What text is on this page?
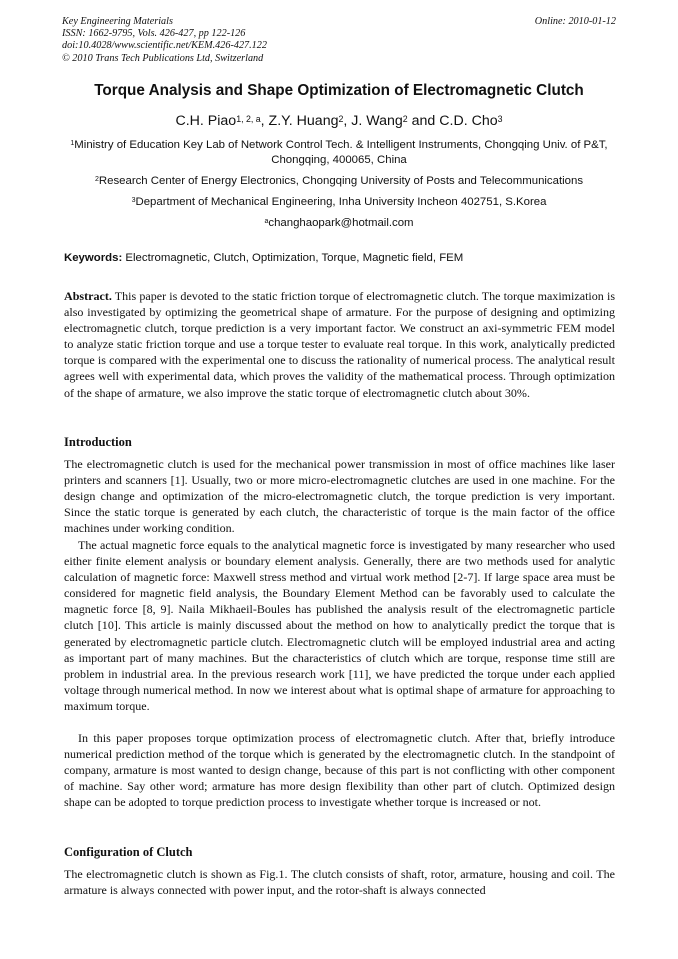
Key Engineering Materials
ISSN: 1662-9795, Vols. 426-427, pp 122-126
doi:10.4028/www.scientific.net/KEM.426-427.122
© 2010 Trans Tech Publications Ltd, Switzerland
Online: 2010-01-12
Torque Analysis and Shape Optimization of Electromagnetic Clutch
C.H. Piao$^{1, 2, a}$, Z.Y. Huang$^2$, J. Wang$^2$ and C.D. Cho$^3$
$^1$Ministry of Education Key Lab of Network Control Tech. & Intelligent Instruments, Chongqing Univ. of P&T, Chongqing, 400065, China
$^2$Research Center of Energy Electronics, Chongqing University of Posts and Telecommunications
$^3$Department of Mechanical Engineering, Inha University Incheon 402751, S.Korea
$^a$changhaopark@hotmail.com
Keywords: Electromagnetic, Clutch, Optimization, Torque, Magnetic field, FEM
Abstract. This paper is devoted to the static friction torque of electromagnetic clutch. The torque maximization is also investigated by optimizing the geometrical shape of armature. For the purpose of designing and optimizing electromagnetic clutch, torque prediction is a very important factor. We construct an axi-symmetric FEM model to analyze static friction torque and use a torque tester to evaluate real torque. In this work, analytically predicted torque is compared with the experimental one to discuss the rationality of numerical process. The analytical result agrees well with experimental data, which proves the validity of the mathematical process. Through optimization of the shape of armature, we also improve the static torque of electromagnetic clutch about 30%.
Introduction
The electromagnetic clutch is used for the mechanical power transmission in most of office machines like laser printers and scanners [1]. Usually, two or more micro-electromagnetic clutches are used in one machine. For the design change and optimization of the micro-electromagnetic clutch, the torque prediction is very important. Since the static torque is generated by each clutch, the characteristic of torque is the main factor of the office machines under working condition.
The actual magnetic force equals to the analytical magnetic force is investigated by many researcher who used either finite element analysis or boundary element analysis. Generally, there are two methods used for analytic calculation of magnetic force: Maxwell stress method and virtual work method [2-7]. If large space area must be considered for magnetic field analysis, the Boundary Element Method can be favorably used to calculate the magnetic force [8, 9]. Naila Mikhaeil-Boules has published the analysis result of the electromagnetic particle clutch [10]. This article is mainly discussed about the method on how to analytically predict the torque that is generated by electromagnetic particle clutch. Electromagnetic clutch will be employed industrial area and acting as important part of many machines. But the characteristics of clutch which are torque, response time still are problem in industrial area. In the previous research work [11], we have predicted the torque under each applied voltage through numerical method. In now we interest about what is optimal shape of armature for approaching to maximum torque.
In this paper proposes torque optimization process of electromagnetic clutch. After that, briefly introduce numerical prediction method of the torque which is generated by the electromagnetic clutch. In the standpoint of company, armature is most wanted to design change, because of this part is not conflicting with other component of machine. Say other word; armature has more design flexibility than other part of clutch. Optimized design shape can be adopted to torque prediction process to investigate whether torque is increased or not.
Configuration of Clutch
The electromagnetic clutch is shown as Fig.1. The clutch consists of shaft, rotor, armature, housing and coil. The armature is always connected with power input, and the rotor-shaft is always connected
